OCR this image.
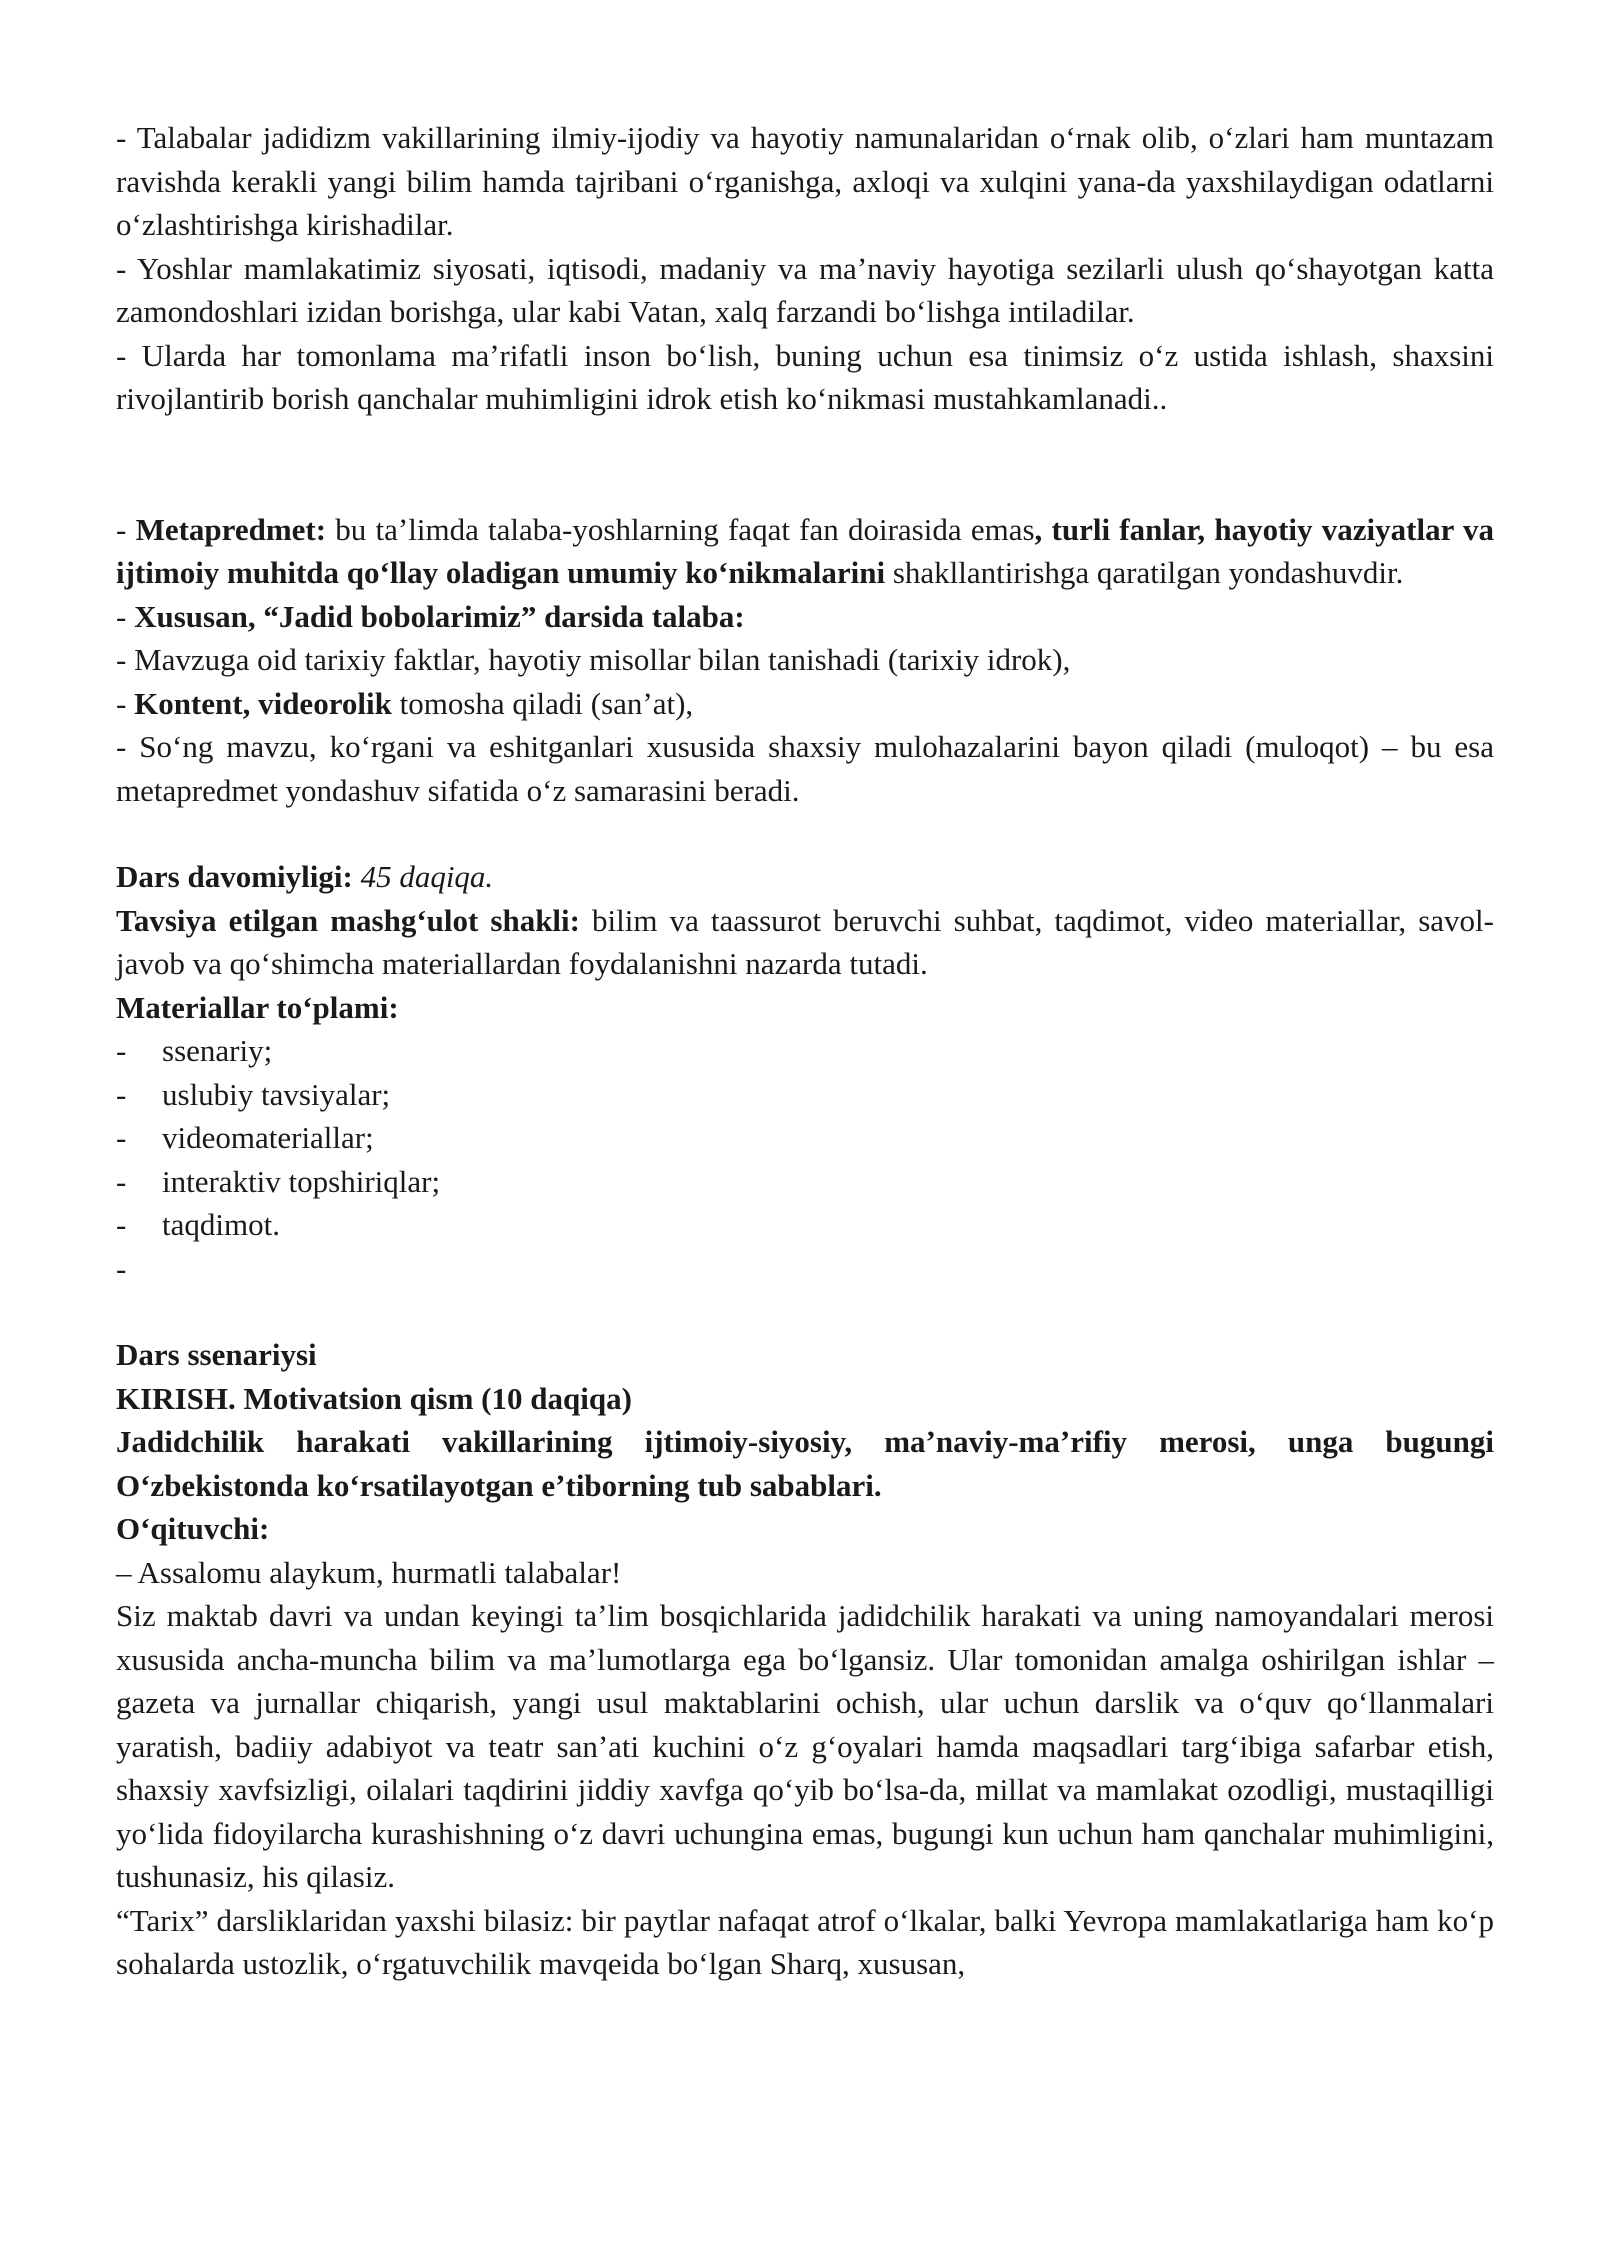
- Talabalar jadidizm vakillarining ilmiy-ijodiy va hayotiy namunalaridan oʻrnak olib, oʻzlari ham muntazam ravishda kerakli yangi bilim hamda tajribani oʻrganishga, axloqi va xulqini yana-da yaxshilaydigan odatlarni oʻzlashtirishga kirishadilar.

- Yoshlar mamlakatimiz siyosati, iqtisodi, madaniy va maʼnaviy hayotiga sezilarli ulush qoʻshayotgan katta zamondoshlari izidan borishga, ular kabi Vatan, xalq farzandi boʻlishga intiladilar.

- Ularda har tomonlama maʼrifatli inson boʻlish, buning uchun esa tinimsiz oʻz ustida ishlash, shaxsini rivojlantirib borish qanchalar muhimligini idrok etish koʻnikmasi mustahkamlanadi..

- Metapredmet: bu taʼlimda talaba-yoshlarning faqat fan doirasida emas, turli fanlar, hayotiy vaziyatlar va ijtimoiy muhitda qoʻllay oladigan umumiy koʻnikmalarini shakllantirishga qaratilgan yondashuvdir.

- Xususan, “Jadid bobolarimiz” darsida talaba:

- Mavzuga oid tarixiy faktlar, hayotiy misollar bilan tanishadi (tarixiy idrok),

- Kontent, videorolik tomosha qiladi (sanʼat),

- Soʻng mavzu, koʻrgani va eshitganlari xususida shaxsiy mulohazalarini bayon qiladi (muloqot) – bu esa metapredmet yondashuv sifatida oʻz samarasini beradi.

Dars davomiyligi: 45 daqiqa.

Tavsiya etilgan mashgʻulot shakli: bilim va taassurot beruvchi suhbat, taqdimot, video materiallar, savol-javob va qoʻshimcha materiallardan foydalanishni nazarda tutadi.

Materiallar toʻplami:

- ssenariy;

- uslubiy tavsiyalar;

- videomateriallar;

- interaktiv topshiriqlar;

- taqdimot.

-

Dars ssenariysi

KIRISH. Motivatsion qism (10 daqiqa)

Jadidchilik harakati vakillarining ijtimoiy-siyosiy, maʼnaviy-maʼrifiy merosi, unga bugungi Oʻzbekistonda koʻrsatilayotgan eʼtiborning tub sabablari.

Oʻqituvchi:

– Assalomu alaykum, hurmatli talabalar!

Siz maktab davri va undan keyingi taʼlim bosqichlarida jadidchilik harakati va uning namoyandalari merosi xususida ancha-muncha bilim va maʼlumotlarga ega boʻlgansiz. Ular tomonidan amalga oshirilgan ishlar – gazeta va jurnallar chiqarish, yangi usul maktablarini ochish, ular uchun darslik va oʻquv qoʻllanmalari yaratish, badiiy adabiyot va teatr sanʼati kuchini oʻz gʻoyalari hamda maqsadlari targʻibiga safarbar etish, shaxsiy xavfsizligi, oilalari taqdirini jiddiy xavfga qoʻyib boʻlsa-da, millat va mamlakat ozodligi, mustaqilligi yoʻlida fidoyilarcha kurashishning oʻz davri uchungina emas, bugungi kun uchun ham qanchalar muhimligini, tushunasiz, his qilasiz.

“Tarix” darsliklaridan yaxshi bilasiz: bir paytlar nafaqat atrof oʻlkalar, balki Yevropa mamlakatlariga ham koʻp sohalarda ustozlik, oʻrgatuvchilik mavqeida boʻlgan Sharq, xususan,
